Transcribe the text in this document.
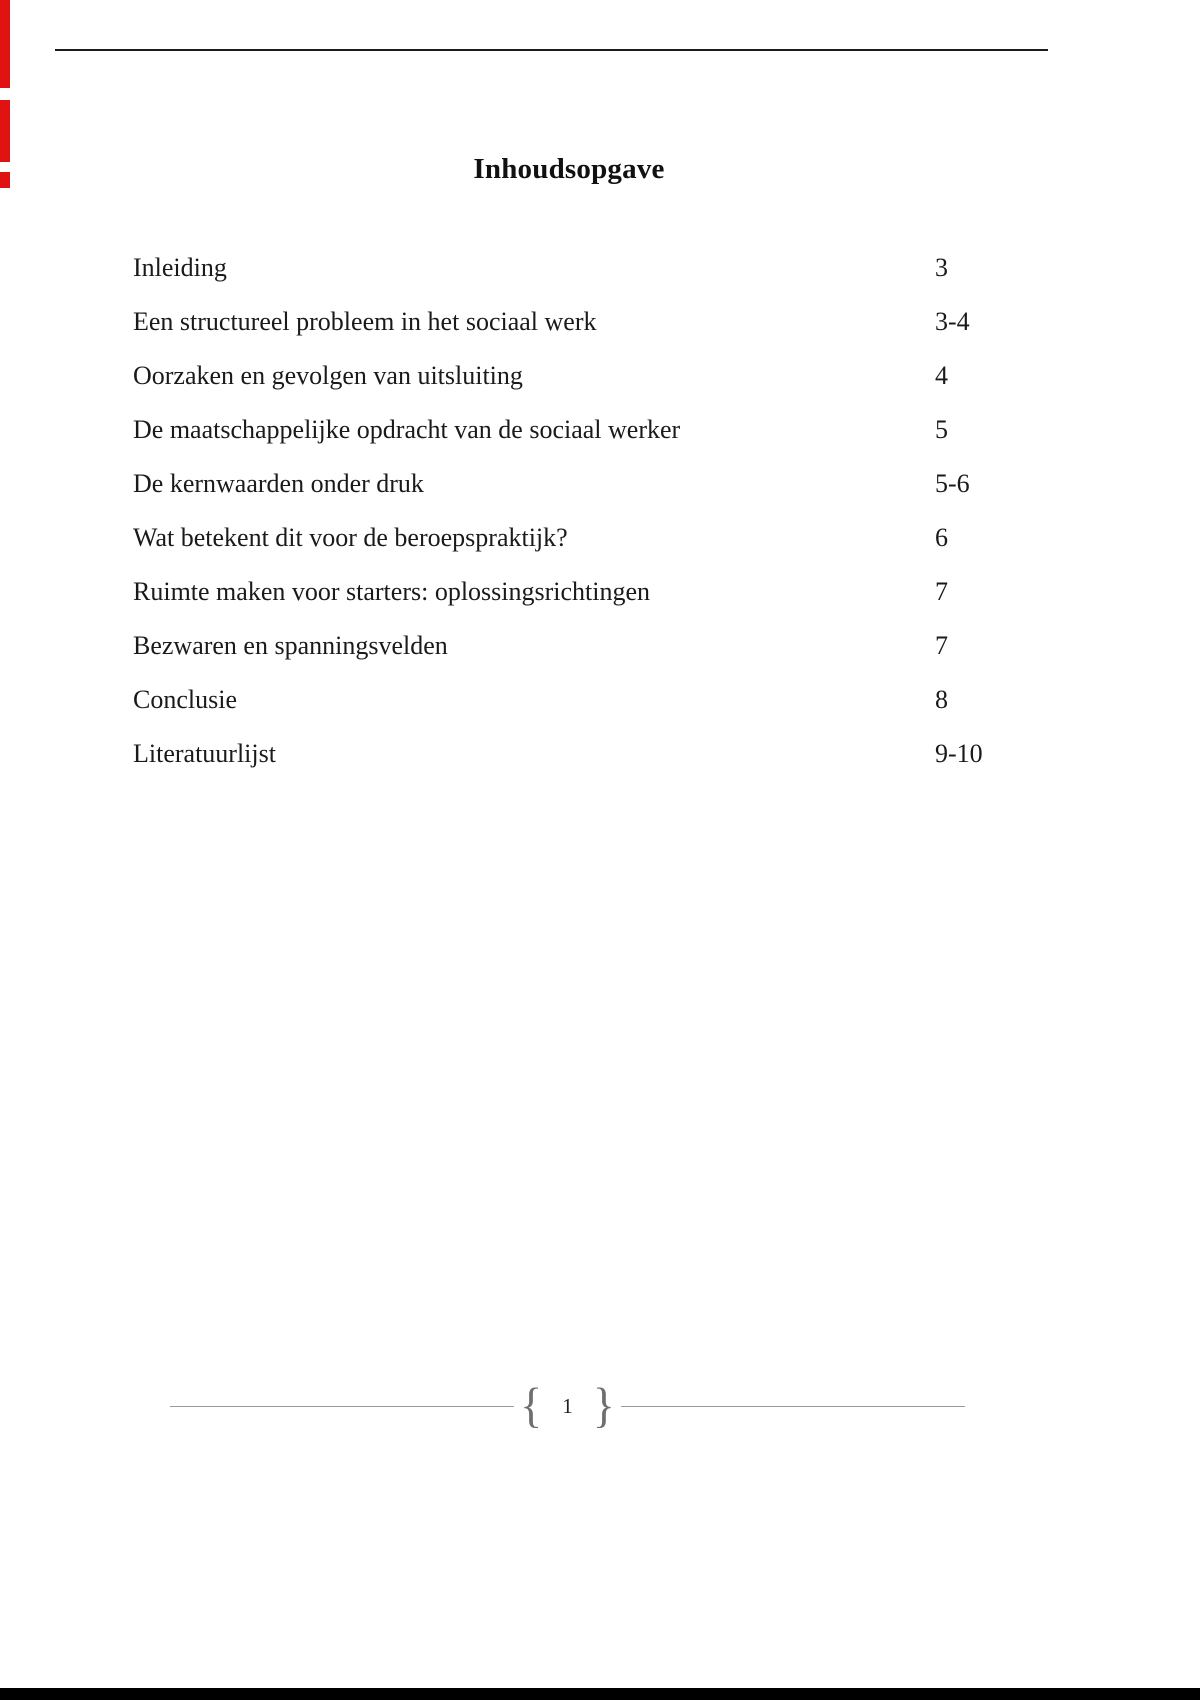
Inhoudsopgave
Inleiding	3
Een structureel probleem in het sociaal werk	3-4
Oorzaken en gevolgen van uitsluiting	4
De maatschappelijke opdracht van de sociaal werker	5
De kernwaarden onder druk	5-6
Wat betekent dit voor de beroepspraktijk?	6
Ruimte maken voor starters: oplossingsrichtingen	7
Bezwaren en spanningsvelden	7
Conclusie	8
Literatuurlijst	9-10
{ 1 }
